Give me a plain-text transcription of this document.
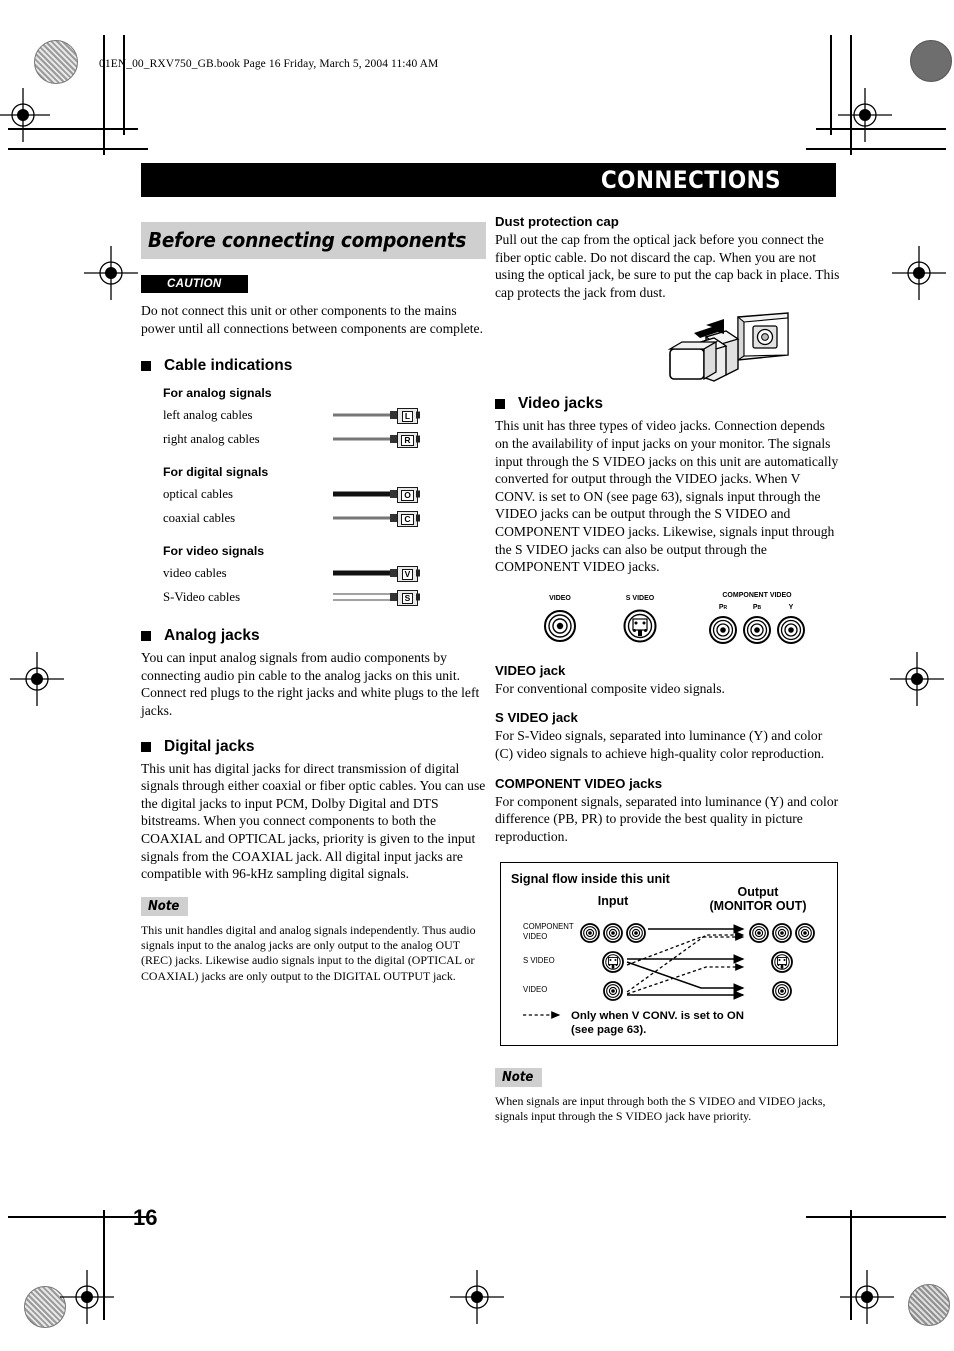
01EN_00_RXV750_GB.book Page 16 Friday, March 5, 2004 11:40 AM
CONNECTIONS
Before connecting components
CAUTION

Do not connect this unit or other components to the mains power until all connections between components are complete.

Cable indications
For analog signals
left analog cables	L
right analog cables	R
For digital signals
optical cables	O
coaxial cables	C
For video signals
video cables	V
S-Video cables	S
Analog jacks

You can input analog signals from audio components by connecting audio pin cable to the analog jacks on this unit. Connect red plugs to the right jacks and white plugs to the left jacks.

Digital jacks

This unit has digital jacks for direct transmission of digital signals through either coaxial or fiber optic cables. You can use the digital jacks to input PCM, Dolby Digital and DTS bitstreams. When you connect components to both the COAXIAL and OPTICAL jacks, priority is given to the input signals from the COAXIAL jack. All digital input jacks are compatible with 96-kHz sampling digital signals.

Note

This unit handles digital and analog signals independently. Thus audio signals input to the analog jacks are only output to the analog OUT (REC) jacks. Likewise audio signals input to the digital (OPTICAL or COAXIAL) jacks are only output to the DIGITAL OUTPUT jack.

Dust protection cap

Pull out the cap from the optical jack before you connect the fiber optic cable. Do not discard the cap. When you are not using the optical jack, be sure to put the cap back in place. This cap protects the jack from dust.

Video jacks

This unit has three types of video jacks. Connection depends on the availability of input jacks on your monitor. The signals input through the S VIDEO jacks on this unit are automatically converted for output through the VIDEO jacks. When V CONV. is set to ON (see page 63), signals input through the VIDEO jacks can be output through the S VIDEO and COMPONENT VIDEO jacks. Likewise, signals input through the S VIDEO jacks can also be output through the COMPONENT VIDEO jacks.

VIDEO	S VIDEO	COMPONENT VIDEO
PR	PB	Y
VIDEO jack

For conventional composite video signals.

S VIDEO jack

For S-Video signals, separated into luminance (Y) and color (C) video signals to achieve high-quality color reproduction.

COMPONENT VIDEO jacks

For component signals, separated into luminance (Y) and color difference (PB, PR) to provide the best quality in picture reproduction.

Signal flow inside this unit
Input
Output
(MONITOR OUT)
COMPONENT
VIDEO
S VIDEO
VIDEO
Only when V CONV. is set to ON
(see page 63).
Note

When signals are input through both the S VIDEO and VIDEO jacks, signals input through the S VIDEO jack have priority.

16
